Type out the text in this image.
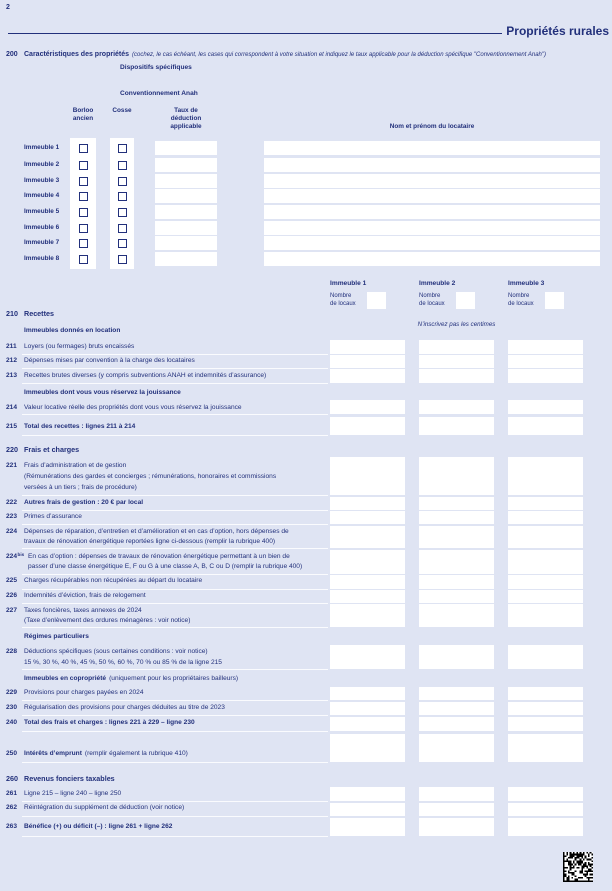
2
Propriétés rurales
200 Caractéristiques des propriétés (cochez, le cas échéant, les cases qui correspondent à votre situation et indiquez le taux applicable pour la déduction spécifique "Conventionnement Anah")
Dispositifs spécifiques
Conventionnement Anah
Borloo
ancien
Cosse	Taux de
déduction
applicable	Nom et prénom du locataire
Immeuble 1
Nombre
de locaux
Immeuble 2
Nombre
de locaux
Immeuble 3
Nombre
de locaux
N’inscrivez pas les centimes
Immeuble 1
Immeuble 2
Immeuble 3
Immeuble 4
Immeuble 5
Immeuble 6
Immeuble 7
Immeuble 8
210 Recettes
Immeubles donnés en location
211 Loyers (ou fermages) bruts encaissés
212 Dépenses mises par convention à la charge des locataires
213 Recettes brutes diverses (y compris subventions ANAH et indemnités d’assurance)
Immeubles dont vous vous réservez la jouissance
214 Valeur locative réelle des propriétés dont vous vous réservez la jouissance
215 Total des recettes : lignes 211 à 214
220 Frais et charges
221 Frais d’administration et de gestion
(Rémunérations des gardes et concierges ; rémunérations, honoraires et commissions
versées à un tiers ; frais de procédure)
222 Autres frais de gestion : 20 € par local
223 Primes d’assurance
224 Dépenses de réparation, d’entretien et d’amélioration et en cas d’option, hors dépenses de
travaux de rénovation énergétique reportées ligne ci-dessous (remplir la rubrique 400)
$224^{bis}$ En cas d’option : dépenses de travaux de rénovation énergétique permettant à un bien de
passer d’une classe énergétique E, F ou G à une classe A, B, C ou D (remplir la rubrique 400)
225 Charges récupérables non récupérées au départ du locataire
226 Indemnités d’éviction, frais de relogement
227 Taxes foncières, taxes annexes de 2024
(Taxe d’enlèvement des ordures ménagères : voir notice)
Régimes particuliers
228 Déductions spécifiques (sous certaines conditions : voir notice)
15 %, 30 %, 40 %, 45 %, 50 %, 60 %, 70 % ou 85 % de la ligne 215
Immeubles en copropriété (uniquement pour les propriétaires bailleurs)
229 Provisions pour charges payées en 2024
230 Régularisation des provisions pour charges déduites au titre de 2023
240 Total des frais et charges : lignes 221 à 229 – ligne 230
250 Intérêts d’emprunt (remplir également la rubrique 410)
260 Revenus fonciers taxables
261 Ligne 215 – ligne 240 – ligne 250
262 Réintégration du supplément de déduction (voir notice)
263 Bénéfice (+) ou déficit (–) : ligne 261 + ligne 262
